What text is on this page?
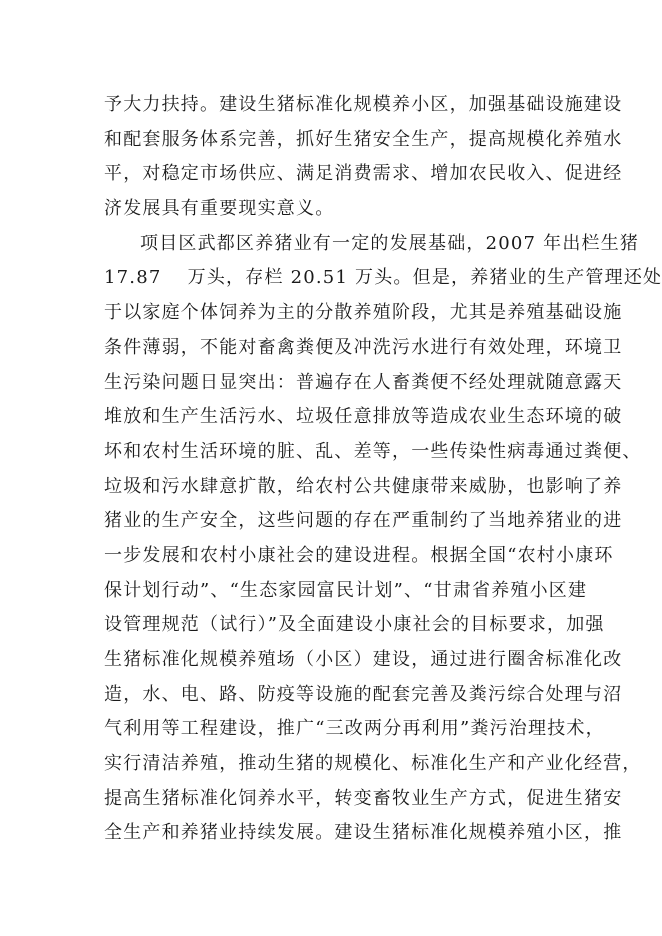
予大力扶持。建设生猪标准化规模养小区，加强基础设施建设
和配套服务体系完善，抓好生猪安全生产，提高规模化养殖水
平，对稳定市场供应、满足消费需求、增加农民收入、促进经
济发展具有重要现实意义。
项目区武都区养猪业有一定的发展基础，2007 年出栏生猪
17.87　 万头，存栏 20.51 万头。但是，养猪业的生产管理还处
于以家庭个体饲养为主的分散养殖阶段，尤其是养殖基础设施
条件薄弱，不能对畜禽粪便及冲洗污水进行有效处理，环境卫
生污染问题日显突出：普遍存在人畜粪便不经处理就随意露天
堆放和生产生活污水、垃圾任意排放等造成农业生态环境的破
坏和农村生活环境的脏、乱、差等，一些传染性病毒通过粪便、
垃圾和污水肆意扩散，给农村公共健康带来威胁，也影响了养
猪业的生产安全，这些问题的存在严重制约了当地养猪业的进
一步发展和农村小康社会的建设进程。根据全国“农村小康环
保计划行动”、“生态家园富民计划”、“甘肃省养殖小区建
设管理规范（试行）”及全面建设小康社会的目标要求，加强
生猪标准化规模养殖场（小区）建设，通过进行圈舍标准化改
造，水、电、路、防疫等设施的配套完善及粪污综合处理与沼
气利用等工程建设，推广“三改两分再利用”粪污治理技术，
实行清洁养殖，推动生猪的规模化、标准化生产和产业化经营，
提高生猪标准化饲养水平，转变畜牧业生产方式，促进生猪安
全生产和养猪业持续发展。建设生猪标准化规模养殖小区，推
